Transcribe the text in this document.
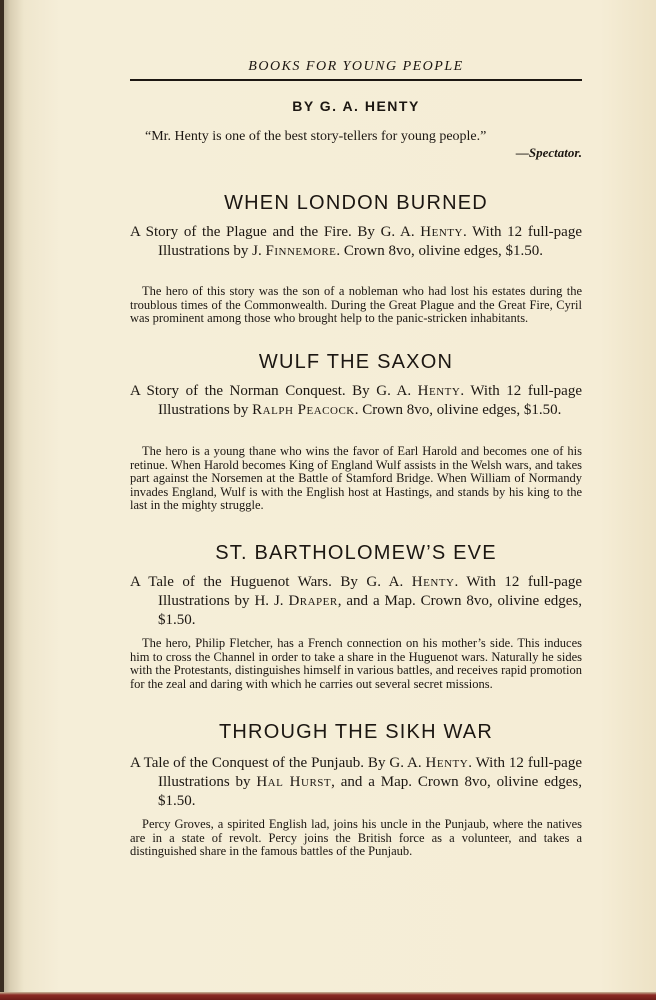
BOOKS FOR YOUNG PEOPLE
BY G. A. HENTY
“Mr. Henty is one of the best story-tellers for young people.”
—Spectator.
WHEN LONDON BURNED
A Story of the Plague and the Fire. By G. A. Henty. With 12 full-page Illustrations by J. Finnemore. Crown 8vo, olivine edges, $1.50.
The hero of this story was the son of a nobleman who had lost his estates during the troublous times of the Commonwealth. During the Great Plague and the Great Fire, Cyril was prominent among those who brought help to the panic-stricken inhabitants.
WULF THE SAXON
A Story of the Norman Conquest. By G. A. Henty. With 12 full-page Illustrations by Ralph Peacock. Crown 8vo, olivine edges, $1.50.
The hero is a young thane who wins the favor of Earl Harold and becomes one of his retinue. When Harold becomes King of England Wulf assists in the Welsh wars, and takes part against the Norsemen at the Battle of Stamford Bridge. When William of Normandy invades England, Wulf is with the English host at Hastings, and stands by his king to the last in the mighty struggle.
ST. BARTHOLOMEW’S EVE
A Tale of the Huguenot Wars. By G. A. Henty. With 12 full-page Illustrations by H. J. Draper, and a Map. Crown 8vo, olivine edges, $1.50.
The hero, Philip Fletcher, has a French connection on his mother’s side. This induces him to cross the Channel in order to take a share in the Huguenot wars. Naturally he sides with the Protestants, distinguishes himself in various battles, and receives rapid promotion for the zeal and daring with which he carries out several secret missions.
THROUGH THE SIKH WAR
A Tale of the Conquest of the Punjaub. By G. A. Henty. With 12 full-page Illustrations by Hal Hurst, and a Map. Crown 8vo, olivine edges, $1.50.
Percy Groves, a spirited English lad, joins his uncle in the Punjaub, where the natives are in a state of revolt. Percy joins the British force as a volunteer, and takes a distinguished share in the famous battles of the Punjaub.
